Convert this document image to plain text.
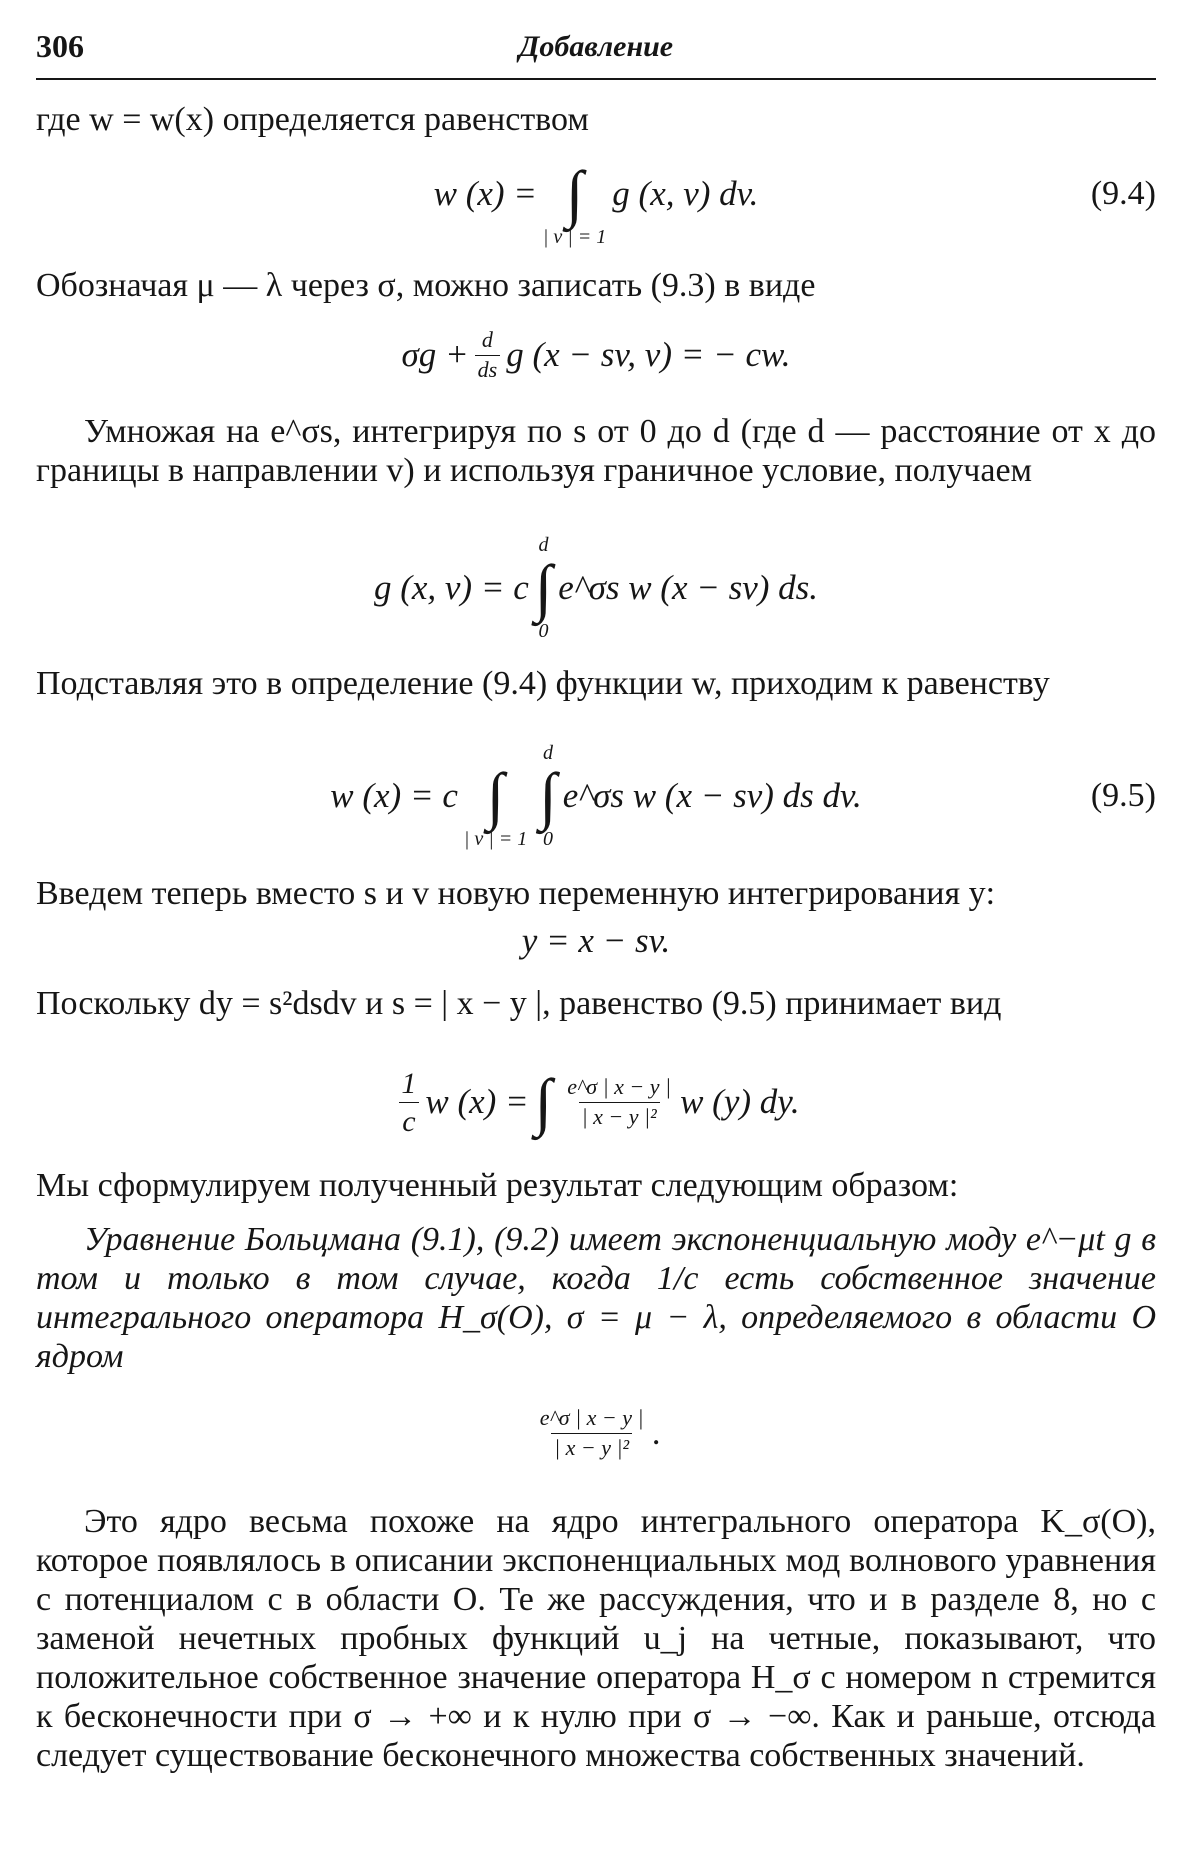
306	Добавление
где w = w(x) определяется равенством
w (x) = ∫
| v | = 1
g (x, v) dv.	(9.4)
Обозначая μ — λ через σ, можно записать (9.3) в виде
$\sigma g + \frac{d}{ds}$ g (x − sv, v) = − cw.
Умножая на e^σs, интегрируя по s от 0 до d (где d — расстояние от x до границы в направлении v) и используя граничное условие, получаем
g (x, v) = c
d
∫
0
e^σs w (x − sv) ds.
Подставляя это в определение (9.4) функции w, приходим к равенству
w (x) = c ∫
| v | = 1
d
∫
0
e^σs w (x − sv) ds dv.	(9.5)
Введем теперь вместо s и v новую переменную интегрирования y:
y = x − sv.
Поскольку dy = s²dsdv и s = | x − y |, равенство (9.5) принимает вид
1
c w (x) = ∫ e^σ | x − y |
| x − y |² w (y) dy.
Мы сформулируем полученный результат следующим образом:
Уравнение Больцмана (9.1), (9.2) имеет экспоненциальную моду e^−μt g в том и только в том случае, когда 1/c есть собственное значение интегрального оператора H_σ(O), σ = μ − λ, определяемого в области O ядром
e^σ | x − y |
| x − y |² .
Это ядро весьма похоже на ядро интегрального оператора K_σ(O), которое появлялось в описании экспоненциальных мод волнового уравнения с потенциалом c в области O. Те же рассуждения, что и в разделе 8, но с заменой нечетных пробных функций u_j на четные, показывают, что положительное собственное значение оператора H_σ с номером n стремится к бесконечности при σ → +∞ и к нулю при σ → −∞. Как и раньше, отсюда следует существование бесконечного множества собственных значений.
